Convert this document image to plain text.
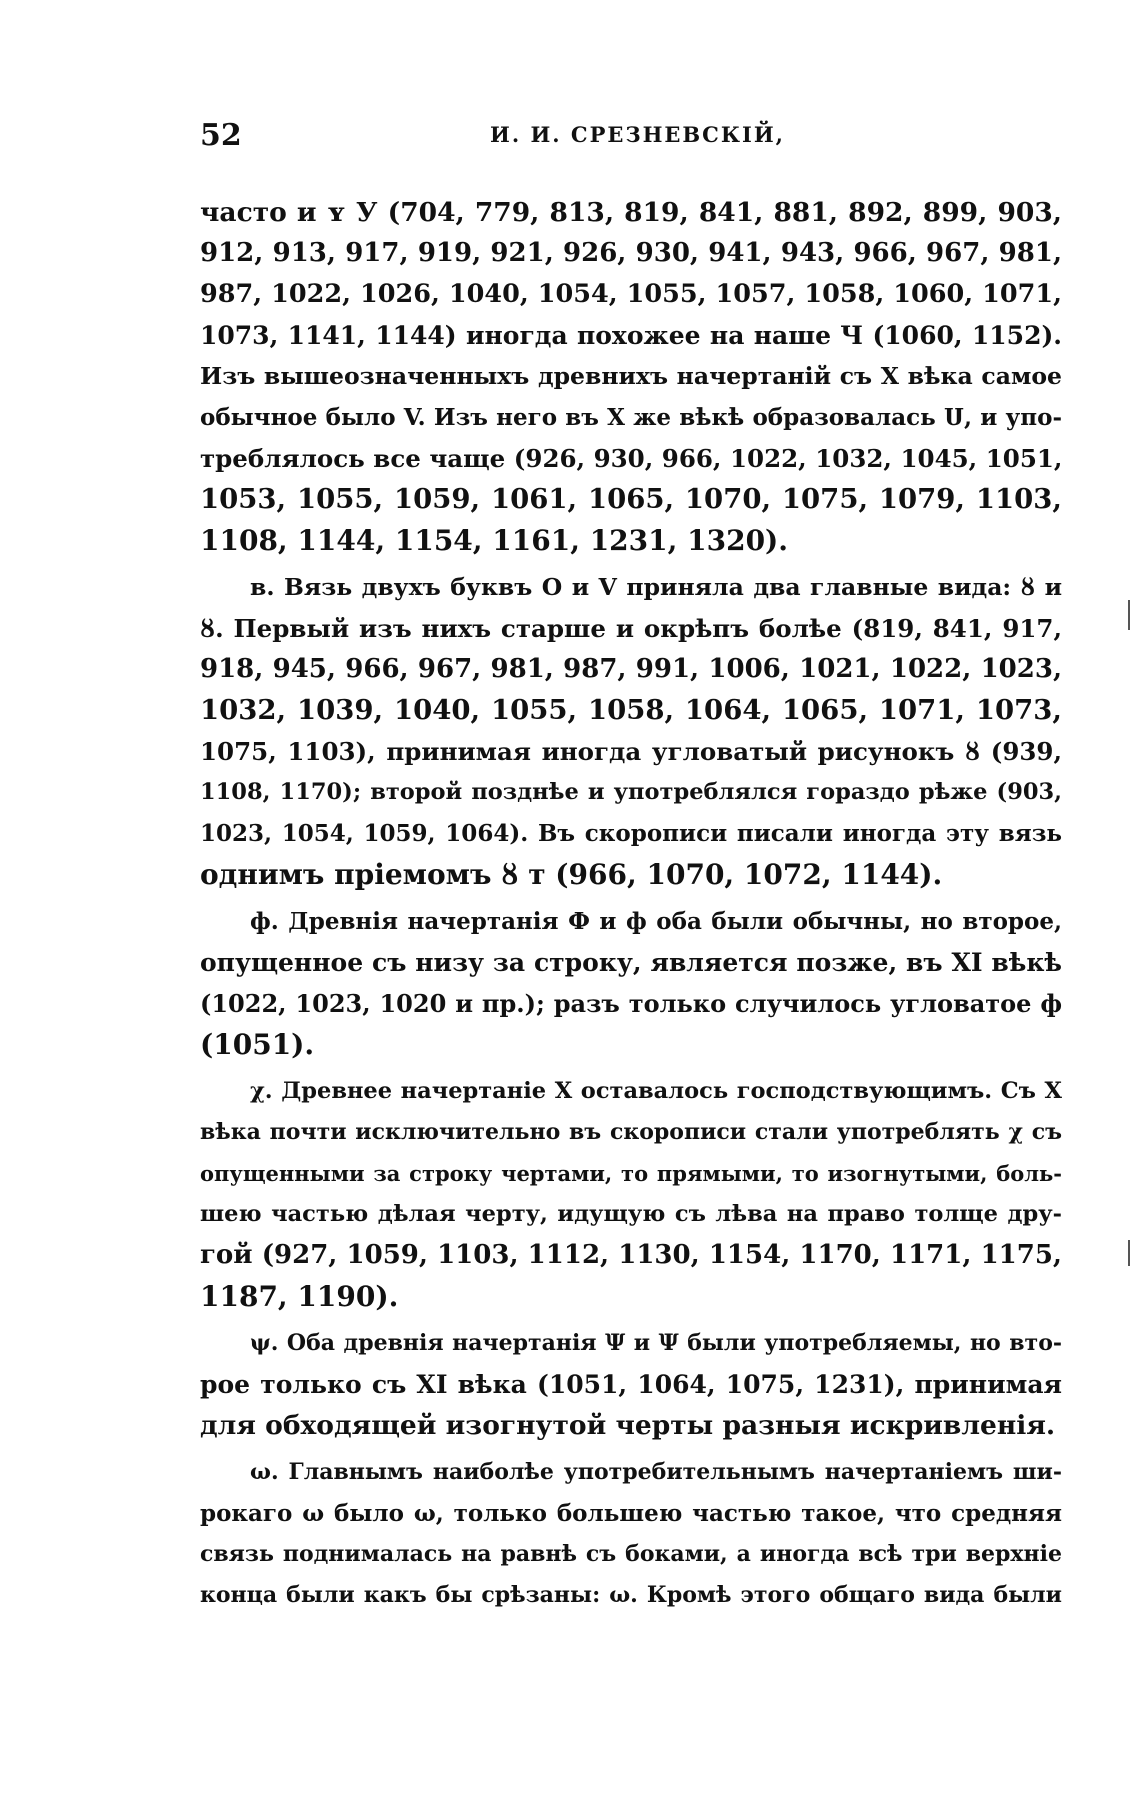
52	И. И. СРЕЗНЕВСКІЙ,
часто и ʏ У (704, 779, 813, 819, 841, 881, 892, 899, 903,
912, 913, 917, 919, 921, 926, 930, 941, 943, 966, 967, 981,
987, 1022, 1026, 1040, 1054, 1055, 1057, 1058, 1060, 1071,
1073, 1141, 1144) иногда похожее на наше Ч (1060, 1152).
Изъ вышеозначенныхъ древнихъ начертаній съ X вѣка самое
обычное было V. Изъ него въ X же вѣкѣ образовалась Ս, и упо-
треблялось все чаще (926, 930, 966, 1022, 1032, 1045, 1051,
1053, 1055, 1059, 1061, 1065, 1070, 1075, 1079, 1103,
1108, 1144, 1154, 1161, 1231, 1320).
в. Вязь двухъ буквъ О и V приняла два главные вида: ȣ и
ȣ. Первый изъ нихъ старше и окрѣпъ болѣе (819, 841, 917,
918, 945, 966, 967, 981, 987, 991, 1006, 1021, 1022, 1023,
1032, 1039, 1040, 1055, 1058, 1064, 1065, 1071, 1073,
1075, 1103), принимая иногда угловатый рисунокъ ȣ (939,
1108, 1170); второй позднѣе и употреблялся гораздо рѣже (903,
1023, 1054, 1059, 1064). Въ скорописи писали иногда эту вязь
однимъ пріемомъ ȣ т (966, 1070, 1072, 1144).
ф. Древнія начертанія Ф и ф оба были обычны, но второе,
опущенное съ низу за строку, является позже, въ XI вѣкѣ
(1022, 1023, 1020 и пр.); разъ только случилось угловатое ф
(1051).
χ. Древнее начертаніе Х оставалось господствующимъ. Съ X
вѣка почти исключительно въ скорописи стали употреблять χ съ
опущенными за строку чертами, то прямыми, то изогнутыми, боль-
шею частью дѣлая черту, идущую съ лѣва на право толще дру-
гой (927, 1059, 1103, 1112, 1130, 1154, 1170, 1171, 1175,
1187, 1190).
ψ. Оба древнія начертанія Ψ и Ψ были употребляемы, но вто-
рое только съ XI вѣка (1051, 1064, 1075, 1231), принимая
для обходящей изогнутой черты разныя искривленія.
ω. Главнымъ наиболѣе употребительнымъ начертаніемъ ши-
рокаго ω было ω, только большею частью такое, что средняя
связь поднималась на равнѣ съ боками, а иногда всѣ три верхніе
конца были какъ бы срѣзаны: ω. Кромѣ этого общаго вида были
